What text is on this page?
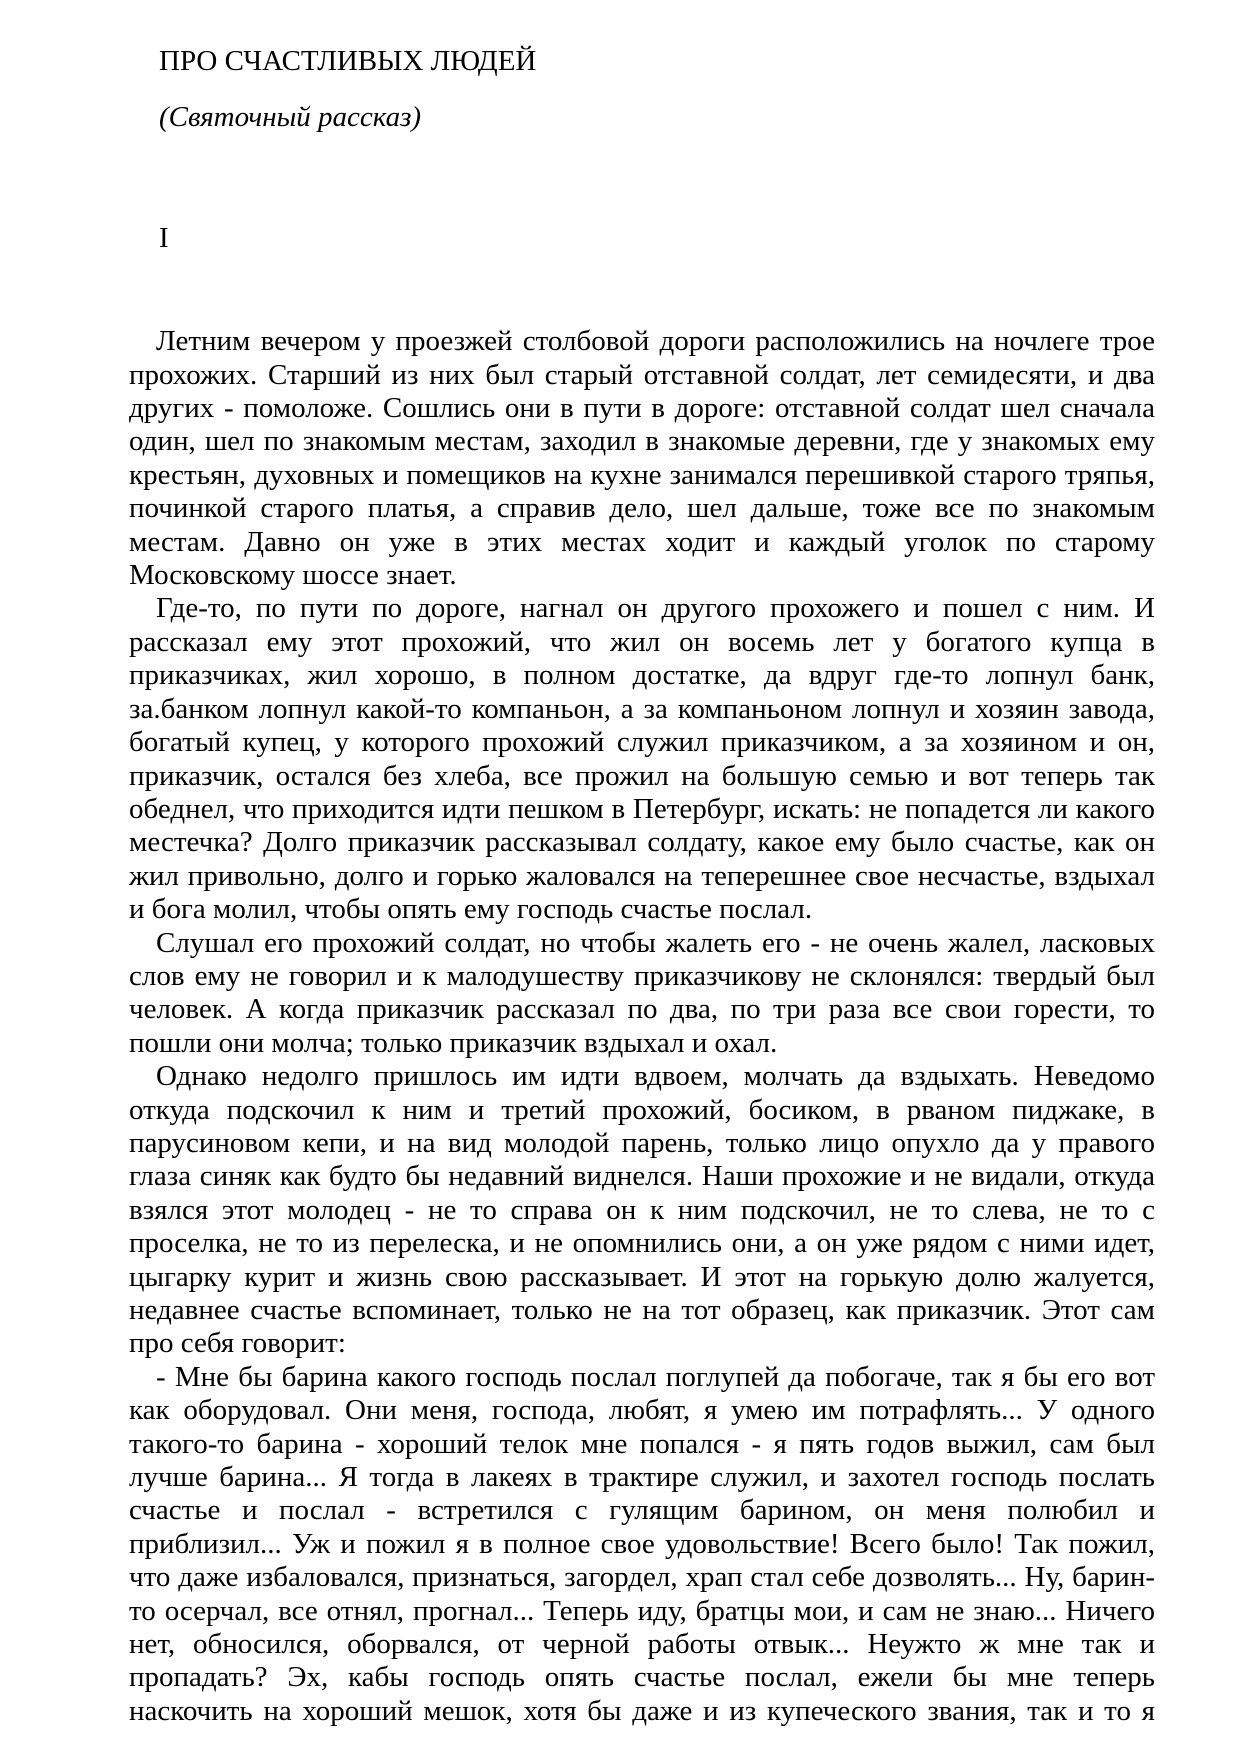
ПРО СЧАСТЛИВЫХ ЛЮДЕЙ

(Святочный рассказ)

I

Летним вечером у проезжей столбовой дороги расположились на ночлеге трое прохожих. Старший из них был старый отставной солдат, лет семидесяти, и два других - помоложе. Сошлись они в пути в дороге: отставной солдат шел сначала один, шел по знакомым местам, заходил в знакомые деревни, где у знакомых ему крестьян, духовных и помещиков на кухне занимался перешивкой старого тряпья, починкой старого платья, а справив дело, шел дальше, тоже все по знакомым местам. Давно он уже в этих местах ходит и каждый уголок по старому Московскому шоссе знает.

Где-то, по пути по дороге, нагнал он другого прохожего и пошел с ним. И рассказал ему этот прохожий, что жил он восемь лет у богатого купца в приказчиках, жил хорошо, в полном достатке, да вдруг где-то лопнул банк, за.банком лопнул какой-то компаньон, а за компаньоном лопнул и хозяин завода, богатый купец, у которого прохожий служил приказчиком, а за хозяином и он, приказчик, остался без хлеба, все прожил на большую семью и вот теперь так обеднел, что приходится идти пешком в Петербург, искать: не попадется ли какого местечка? Долго приказчик рассказывал солдату, какое ему было счастье, как он жил привольно, долго и горько жаловался на теперешнее свое несчастье, вздыхал и бога молил, чтобы опять ему господь счастье послал.

Слушал его прохожий солдат, но чтобы жалеть его - не очень жалел, ласковых слов ему не говорил и к малодушеству приказчикову не склонялся: твердый был человек. А когда приказчик рассказал по два, по три раза все свои горести, то пошли они молча; только приказчик вздыхал и охал.

Однако недолго пришлось им идти вдвоем, молчать да вздыхать. Неведомо откуда подскочил к ним и третий прохожий, босиком, в рваном пиджаке, в парусиновом кепи, и на вид молодой парень, только лицо опухло да у правого глаза синяк как будто бы недавний виднелся. Наши прохожие и не видали, откуда взялся этот молодец - не то справа он к ним подскочил, не то слева, не то с проселка, не то из перелеска, и не опомнились они, а он уже рядом с ними идет, цыгарку курит и жизнь свою рассказывает. И этот на горькую долю жалуется, недавнее счастье вспоминает, только не на тот образец, как приказчик. Этот сам про себя говорит:

- Мне бы барина какого господь послал поглупей да побогаче, так я бы его вот как оборудовал. Они меня, господа, любят, я умею им потрафлять... У одного такого-то барина - хороший телок мне попался - я пять годов выжил, сам был лучше барина... Я тогда в лакеях в трактире служил, и захотел господь послать счастье и послал - встретился с гулящим барином, он меня полюбил и приблизил... Уж и пожил я в полное свое удовольствие! Всего было! Так пожил, что даже избаловался, признаться, загордел, храп стал себе дозволять... Ну, барин-то осерчал, все отнял, прогнал... Теперь иду, братцы мои, и сам не знаю... Ничего нет, обносился, оборвался, от черной работы отвык... Неужто ж мне так и пропадать? Эх, кабы господь опять счастье послал, ежели бы мне теперь наскочить на хороший мешок, хотя бы даже и из купеческого звания, так и то я
